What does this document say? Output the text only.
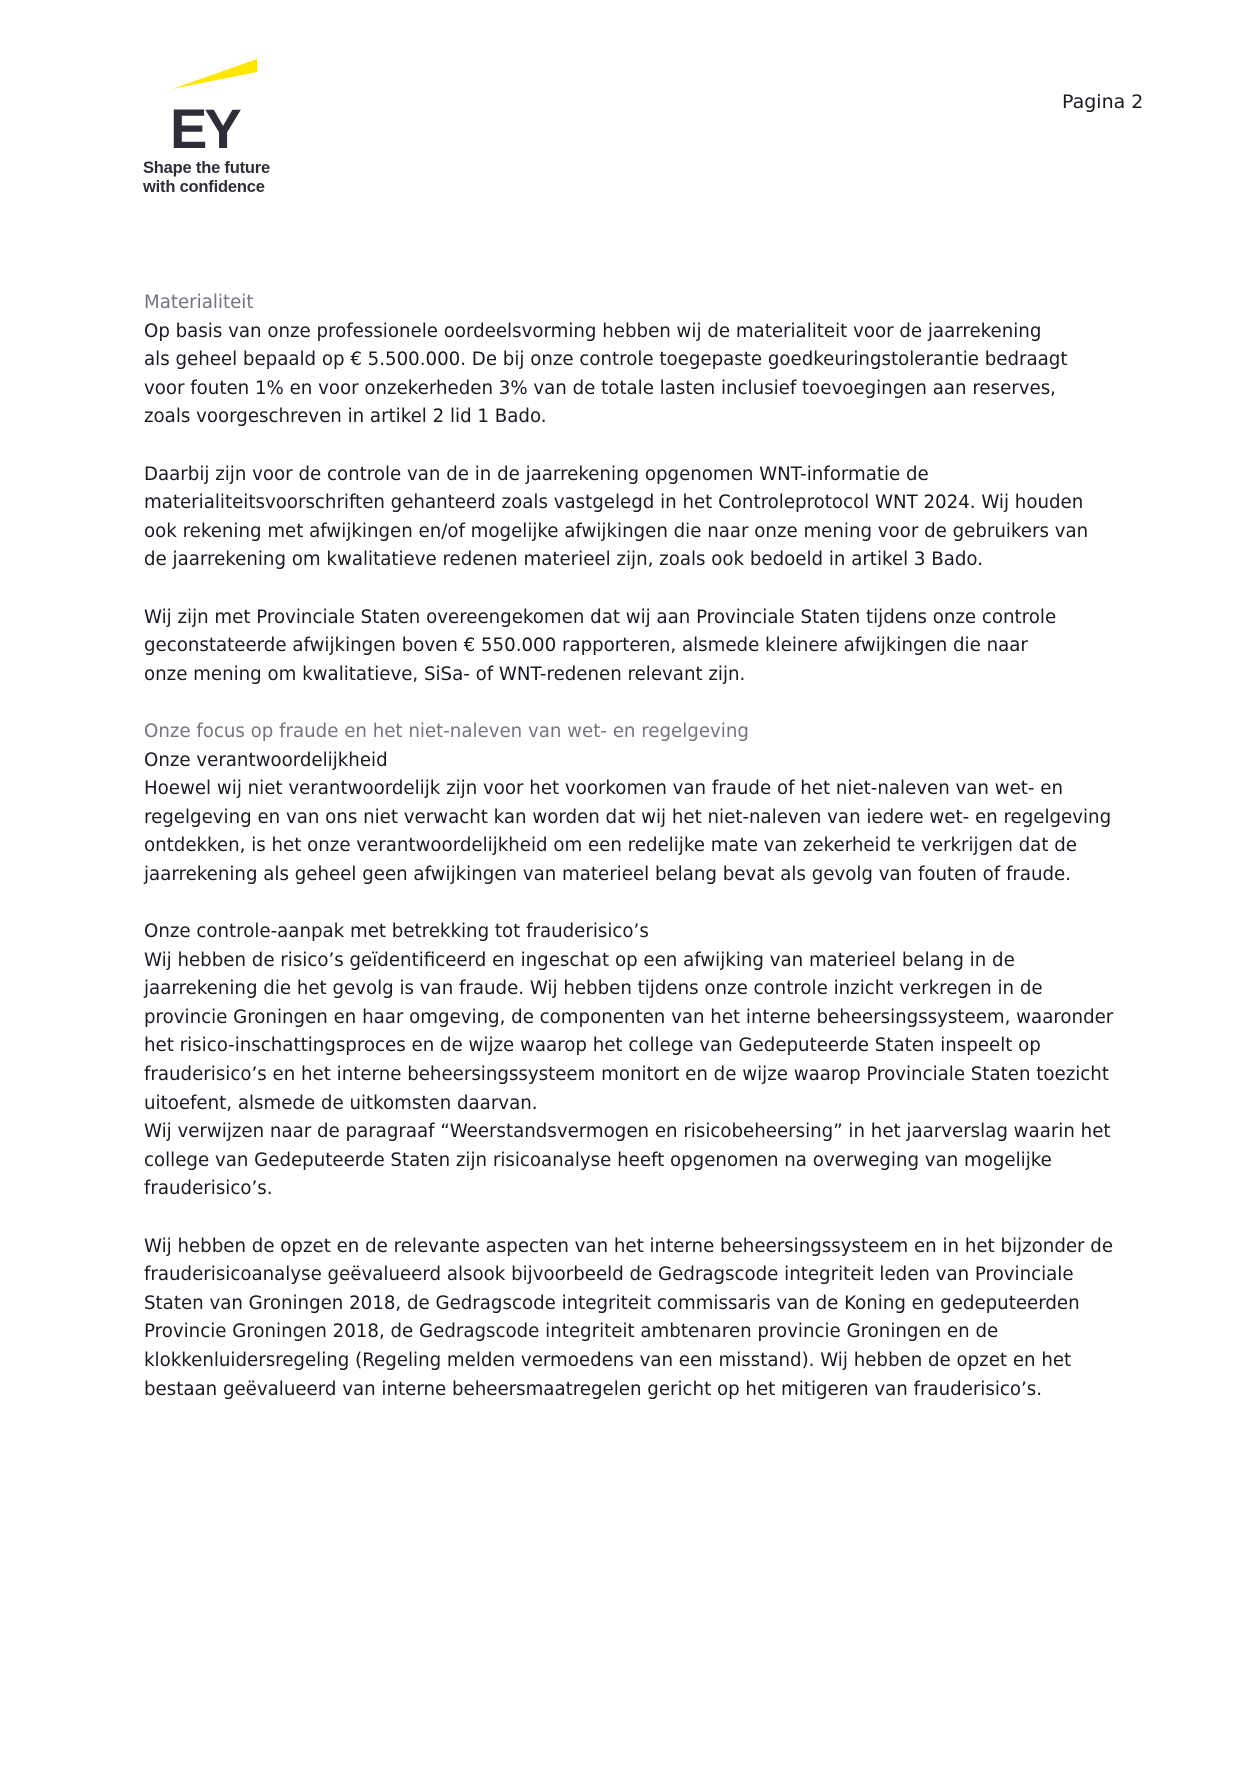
EY
Shape the future
with confidence
Pagina 2

Materialiteit

Op basis van onze professionele oordeelsvorming hebben wij de materialiteit voor de jaarrekening
als geheel bepaald op € 5.500.000. De bij onze controle toegepaste goedkeuringstolerantie bedraagt
voor fouten 1% en voor onzekerheden 3% van de totale lasten inclusief toevoegingen aan reserves,
zoals voorgeschreven in artikel 2 lid 1 Bado.

Daarbij zijn voor de controle van de in de jaarrekening opgenomen WNT-informatie de
materialiteitsvoorschriften gehanteerd zoals vastgelegd in het Controleprotocol WNT 2024. Wij houden
ook rekening met afwijkingen en/of mogelijke afwijkingen die naar onze mening voor de gebruikers van
de jaarrekening om kwalitatieve redenen materieel zijn, zoals ook bedoeld in artikel 3 Bado.

Wij zijn met Provinciale Staten overeengekomen dat wij aan Provinciale Staten tijdens onze controle
geconstateerde afwijkingen boven € 550.000 rapporteren, alsmede kleinere afwijkingen die naar
onze mening om kwalitatieve, SiSa- of WNT-redenen relevant zijn.

Onze focus op fraude en het niet-naleven van wet- en regelgeving

Onze verantwoordelijkheid

Hoewel wij niet verantwoordelijk zijn voor het voorkomen van fraude of het niet-naleven van wet- en
regelgeving en van ons niet verwacht kan worden dat wij het niet-naleven van iedere wet- en regelgeving
ontdekken, is het onze verantwoordelijkheid om een redelijke mate van zekerheid te verkrijgen dat de
jaarrekening als geheel geen afwijkingen van materieel belang bevat als gevolg van fouten of fraude.

Onze controle-aanpak met betrekking tot frauderisico’s

Wij hebben de risico’s geïdentificeerd en ingeschat op een afwijking van materieel belang in de
jaarrekening die het gevolg is van fraude. Wij hebben tijdens onze controle inzicht verkregen in de
provincie Groningen en haar omgeving, de componenten van het interne beheersingssysteem, waaronder
het risico-inschattingsproces en de wijze waarop het college van Gedeputeerde Staten inspeelt op
frauderisico’s en het interne beheersingssysteem monitort en de wijze waarop Provinciale Staten toezicht
uitoefent, alsmede de uitkomsten daarvan.

Wij verwijzen naar de paragraaf “Weerstandsvermogen en risicobeheersing” in het jaarverslag waarin het
college van Gedeputeerde Staten zijn risicoanalyse heeft opgenomen na overweging van mogelijke
frauderisico’s.

Wij hebben de opzet en de relevante aspecten van het interne beheersingssysteem en in het bijzonder de
frauderisicoanalyse geëvalueerd alsook bijvoorbeeld de Gedragscode integriteit leden van Provinciale
Staten van Groningen 2018, de Gedragscode integriteit commissaris van de Koning en gedeputeerden
Provincie Groningen 2018, de Gedragscode integriteit ambtenaren provincie Groningen en de
klokkenluidersregeling (Regeling melden vermoedens van een misstand). Wij hebben de opzet en het
bestaan geëvalueerd van interne beheersmaatregelen gericht op het mitigeren van frauderisico’s.
